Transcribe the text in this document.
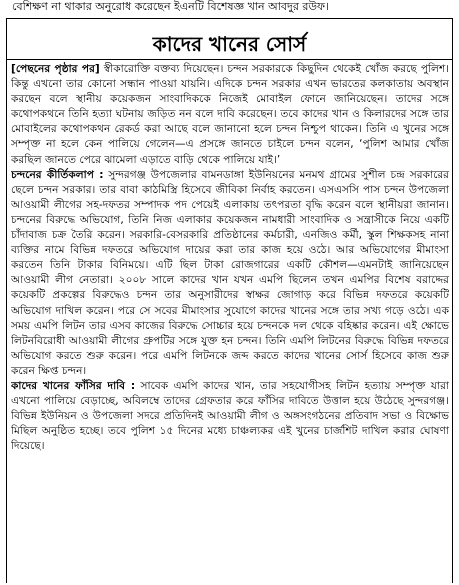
বেশিক্ষণ না থাকার অনুরোধ করেছেন ইএনটি বিশেষজ্ঞ খান আবদুর রউফ।
কাদের খানের সোর্স

[পেছনের পৃষ্ঠার পর] স্বীকারোক্তি বক্তব্য দিয়েছেন। চন্দন সরকারকে কিছুদিন থেকেই খোঁজ করছে পুলিশ। কিন্তু এখনো তার কোনো সন্ধান পাওয়া যায়নি। এদিকে চন্দন সরকার এখন ভারতের কলকাতায় অবস্থান করছেন বলে স্থানীয় কয়েকজন সাংবাদিককে নিজেই মোবাইল ফোনে জানিয়েছেন। তাদের সঙ্গে কথোপকথনে তিনি হত্যা ঘটনায় জড়িত নন বলে দাবি করেছেন। তবে কাদের খান ও কিলারদের সঙ্গে তার মোবাইলের কথোপকথন রেকর্ড করা আছে বলে জানানো হলে চন্দন নিশ্চুপ থাকেন। তিনি এ খুনের সঙ্গে সম্পৃক্ত না হলে কেন পালিয়ে গেলেন—এ প্রসঙ্গে জানতে চাইলে চন্দন বলেন, ‘পুলিশ আমার খোঁজ করছিল জানতে পেরে ঝামেলা এড়াতে বাড়ি থেকে পালিয়ে যাই।’

চন্দনের কীর্তিকলাপ : সুন্দরগঞ্জ উপজেলার বামনডাঙ্গা ইউনিয়নের মনমথ গ্রামের সুশীল চন্দ্র সরকারের ছেলে চন্দন সরকার। তার বাবা কাঠমিস্ত্রি হিসেবে জীবিকা নির্বাহ করতেন। এসএসসি পাস চন্দন উপজেলা আওয়ামী লীগের সহ-দফতর সম্পাদক পদ পেয়েই এলাকায় তৎপরতা বৃদ্ধি করেন বলে স্থানীয়রা জানান। চন্দনের বিরুদ্ধে অভিযোগ, তিনি নিজ এলাকার কয়েকজন নামধারী সাংবাদিক ও সন্ত্রাসীকে নিয়ে একটি চাঁদাবাজ চক্র তৈরি করেন। সরকারি-বেসরকারি প্রতিষ্ঠানের কর্মচারী, এনজিও কর্মী, স্কুল শিক্ষকসহ নানা ব্যক্তির নামে বিভিন্ন দফতরে অভিযোগ দায়ের করা তার কাজ হয়ে ওঠে। আর অভিযোগের মীমাংসা করতেন তিনি টাকার বিনিময়ে। এটি ছিল টাকা রোজগারের একটি কৌশল—এমনটাই জানিয়েছেন আওয়ামী লীগ নেতারা। ২০০৮ সালে কাদের খান যখন এমপি ছিলেন তখন এমপির বিশেষ বরাদ্দের কয়েকটি প্রকল্পের বিরুদ্ধেও চন্দন তার অনুসারীদের স্বাক্ষর জোগাড় করে বিভিন্ন দফতরে কয়েকটি অভিযোগ দাখিল করেন। পরে সে সবের মীমাংসার সুযোগে কাদের খানের সঙ্গে তার সখ্য গড়ে ওঠে। এক সময় এমপি লিটন তার এসব কাজের বিরুদ্ধে সোচ্চার হয়ে চন্দনকে দল থেকে বহিষ্কার করেন। এই ক্ষোভে লিটনবিরোধী আওয়ামী লীগের গ্রুপটির সঙ্গে যুক্ত হন চন্দন। তিনি এমপি লিটনের বিরুদ্ধে বিভিন্ন দফতরে অভিযোগ করতে শুরু করেন। পরে এমপি লিটনকে জব্দ করতে কাদের খানের সোর্স হিসেবে কাজ শুরু করেন ক্ষিপ্ত চন্দন।

কাদের খানের ফাঁসির দাবি : সাবেক এমপি কাদের খান, তার সহযোগীসহ লিটন হত্যায় সম্পৃক্ত যারা এখনো পালিয়ে বেড়াচ্ছে, অবিলম্বে তাদের গ্রেফতার করে ফাঁসির দাবিতে উত্তাল হয়ে উঠেছে সুন্দরগঞ্জ। বিভিন্ন ইউনিয়ন ও উপজেলা সদরে প্রতিদিনই আওয়ামী লীগ ও অঙ্গসংগঠনের প্রতিবাদ সভা ও বিক্ষোভ মিছিল অনুষ্ঠিত হচ্ছে। তবে পুলিশ ১৫ দিনের মধ্যে চাঞ্চল্যকর এই খুনের চার্জশিট দাখিল করার ঘোষণা দিয়েছে।
